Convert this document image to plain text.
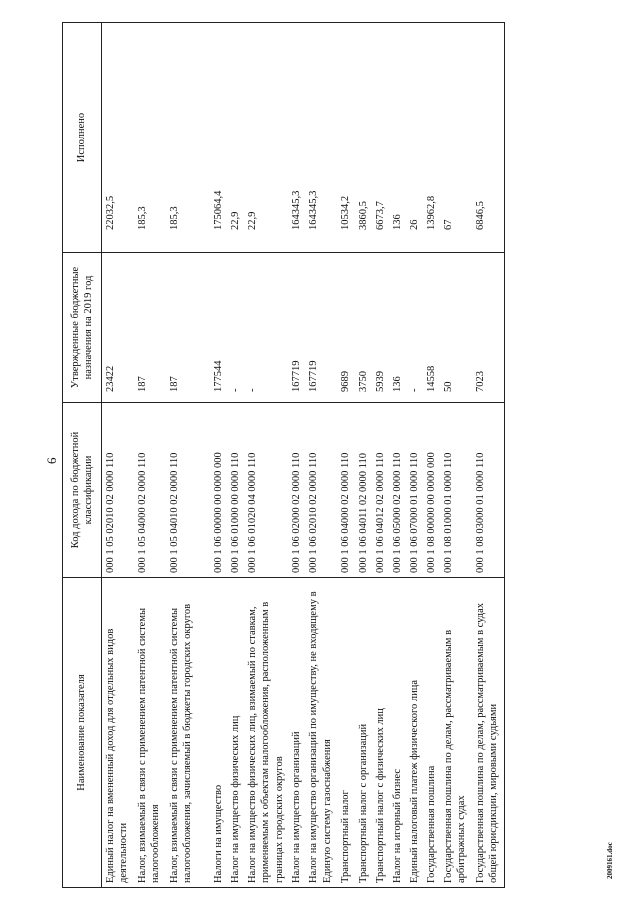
6
Наименование показателя	Код дохода по бюджетной классификации	Утвержденные бюджетные назначения на 2019 год	Исполнено
Единый налог на вмененный доход для отдельных видов деятельности	000 1 05 02010 02 0000 110	23422	22032,5
Налог, взимаемый в связи с применением патентной системы налогообложения	000 1 05 04000 02 0000 110	187	185,3
Налог, взимаемый в связи с применением патентной системы налогообложения, зачисляемый в бюджеты городских округов	000 1 05 04010 02 0000 110	187	185,3
Налоги на имущество	000 1 06 00000 00 0000 000	177544	175064,4
Налог на имущество физических лиц	000 1 06 01000 00 0000 110	-	22,9
Налог на имущество физических лиц, взимаемый по ставкам, применяемым к объектам налогообложения, расположенным в границах городских округов	000 1 06 01020 04 0000 110	-	22,9
Налог на имущество организаций	000 1 06 02000 02 0000 110	167719	164345,3
Налог на имущество организаций по имуществу, не входящему в Единую систему газоснабжения	000 1 06 02010 02 0000 110	167719	164345,3
Транспортный налог	000 1 06 04000 02 0000 110	9689	10534,2
Транспортный налог с организаций	000 1 06 04011 02 0000 110	3750	3860,5
Транспортный налог с физических лиц	000 1 06 04012 02 0000 110	5939	6673,7
Налог на игорный бизнес	000 1 06 05000 02 0000 110	136	136
Единый налоговый платеж физического лица	000 1 06 07000 01 0000 110	-	26
Государственная пошлина	000 1 08 00000 00 0000 000	14558	13962,8
Государственная пошлина по делам, рассматриваемым в арбитражных судах	000 1 08 01000 01 0000 110	50	67
Государственная пошлина по делам, рассматриваемым в судах общей юрисдикции, мировыми судьями	000 1 08 03000 01 0000 110	7023	6846,5
2009161.doc
